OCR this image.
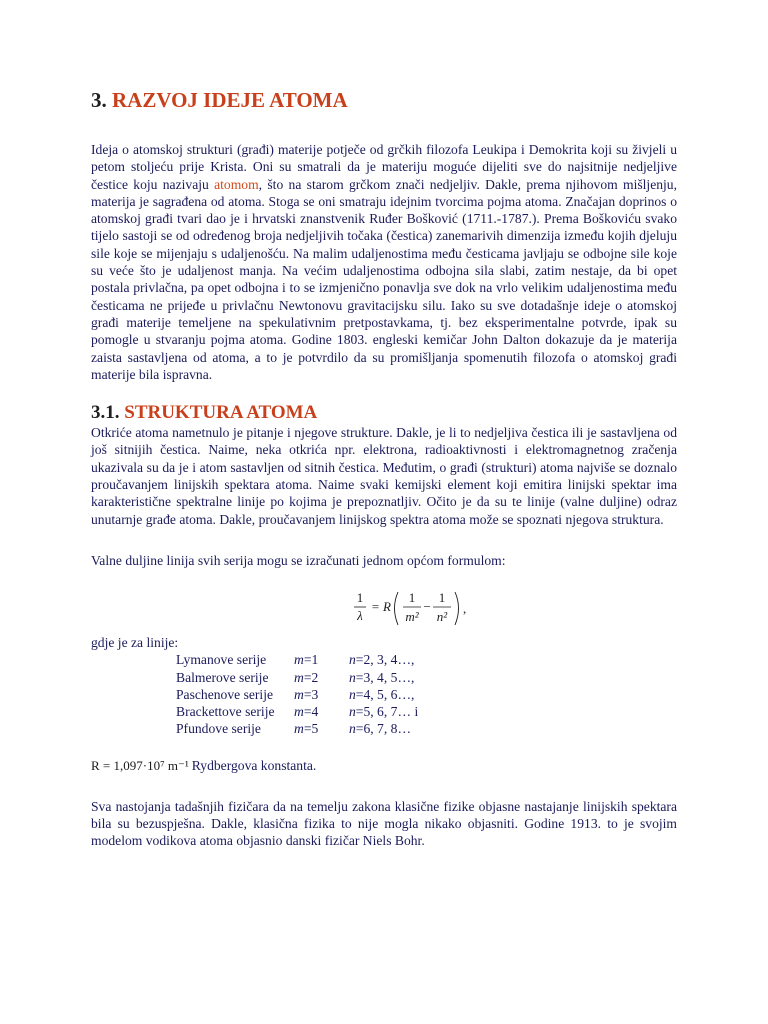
3. RAZVOJ IDEJE ATOMA

Ideja o atomskoj strukturi (građi) materije potječe od grčkih filozofa Leukipa i Demokrita koji su živjeli u petom stoljeću prije Krista. Oni su smatrali da je materiju moguće dijeliti sve do najsitnije nedjeljive čestice koju nazivaju atomom, što na starom grčkom znači nedjeljiv. Dakle, prema njihovom mišljenju, materija je sagrađena od atoma. Stoga se oni smatraju idejnim tvorcima pojma atoma. Značajan doprinos o atomskoj građi tvari dao je i hrvatski znanstvenik Ruđer Bošković (1711.-1787.). Prema Boškoviću svako tijelo sastoji se od određenog broja nedjeljivih točaka (čestica) zanemarivih dimenzija između kojih djeluju sile koje se mijenjaju s udaljenošću. Na malim udaljenostima među česticama javljaju se odbojne sile koje su veće što je udaljenost manja. Na većim udaljenostima odbojna sila slabi, zatim nestaje, da bi opet postala privlačna, pa opet odbojna i to se izmjenično ponavlja sve dok na vrlo velikim udaljenostima među česticama ne prijeđe u privlačnu Newtonovu gravitacijsku silu. Iako su sve dotadašnje ideje o atomskoj građi materije temeljene na spekulativnim pretpostavkama, tj. bez eksperimentalne potvrde, ipak su pomogle u stvaranju pojma atoma. Godine 1803. engleski kemičar John Dalton dokazuje da je materija zaista sastavljena od atoma, a to je potvrdilo da su promišljanja spomenutih filozofa o atomskoj građi materije bila ispravna.

3.1. STRUKTURA ATOMA

Otkriće atoma nametnulo je pitanje i njegove strukture. Dakle, je li to nedjeljiva čestica ili je sastavljena od još sitnijih čestica. Naime, neka otkrića npr. elektrona, radioaktivnosti i elektromagnetnog zračenja ukazivala su da je i atom sastavljen od sitnih čestica. Međutim, o građi (strukturi) atoma najviše se doznalo proučavanjem linijskih spektara atoma. Naime svaki kemijski element koji emitira linijski spektar ima karakteristične spektralne linije po kojima je prepoznatljiv. Očito je da su te linije (valne duljine) odraz unutarnje građe atoma. Dakle, proučavanjem linijskog spektra atoma može se spoznati njegova struktura.

Valne duljine linija svih serija mogu se izračunati jednom općom formulom:

1
λ
= R
1
m²
−
1
n²
,

gdje je za linije:

Lymanove serije	m=1	n=2, 3, 4…,
Balmerove serije	m=2	n=3, 4, 5…,
Paschenove serije	m=3	n=4, 5, 6…,
Brackettove serije	m=4	n=5, 6, 7… i
Pfundove serije	m=5	n=6, 7, 8…
R = 1,097·10⁷ m⁻¹ Rydbergova konstanta.

Sva nastojanja tadašnjih fizičara da na temelju zakona klasične fizike objasne nastajanje linijskih spektara bila su bezuspješna. Dakle, klasična fizika to nije mogla nikako objasniti. Godine 1913. to je svojim modelom vodikova atoma objasnio danski fizičar Niels Bohr.
